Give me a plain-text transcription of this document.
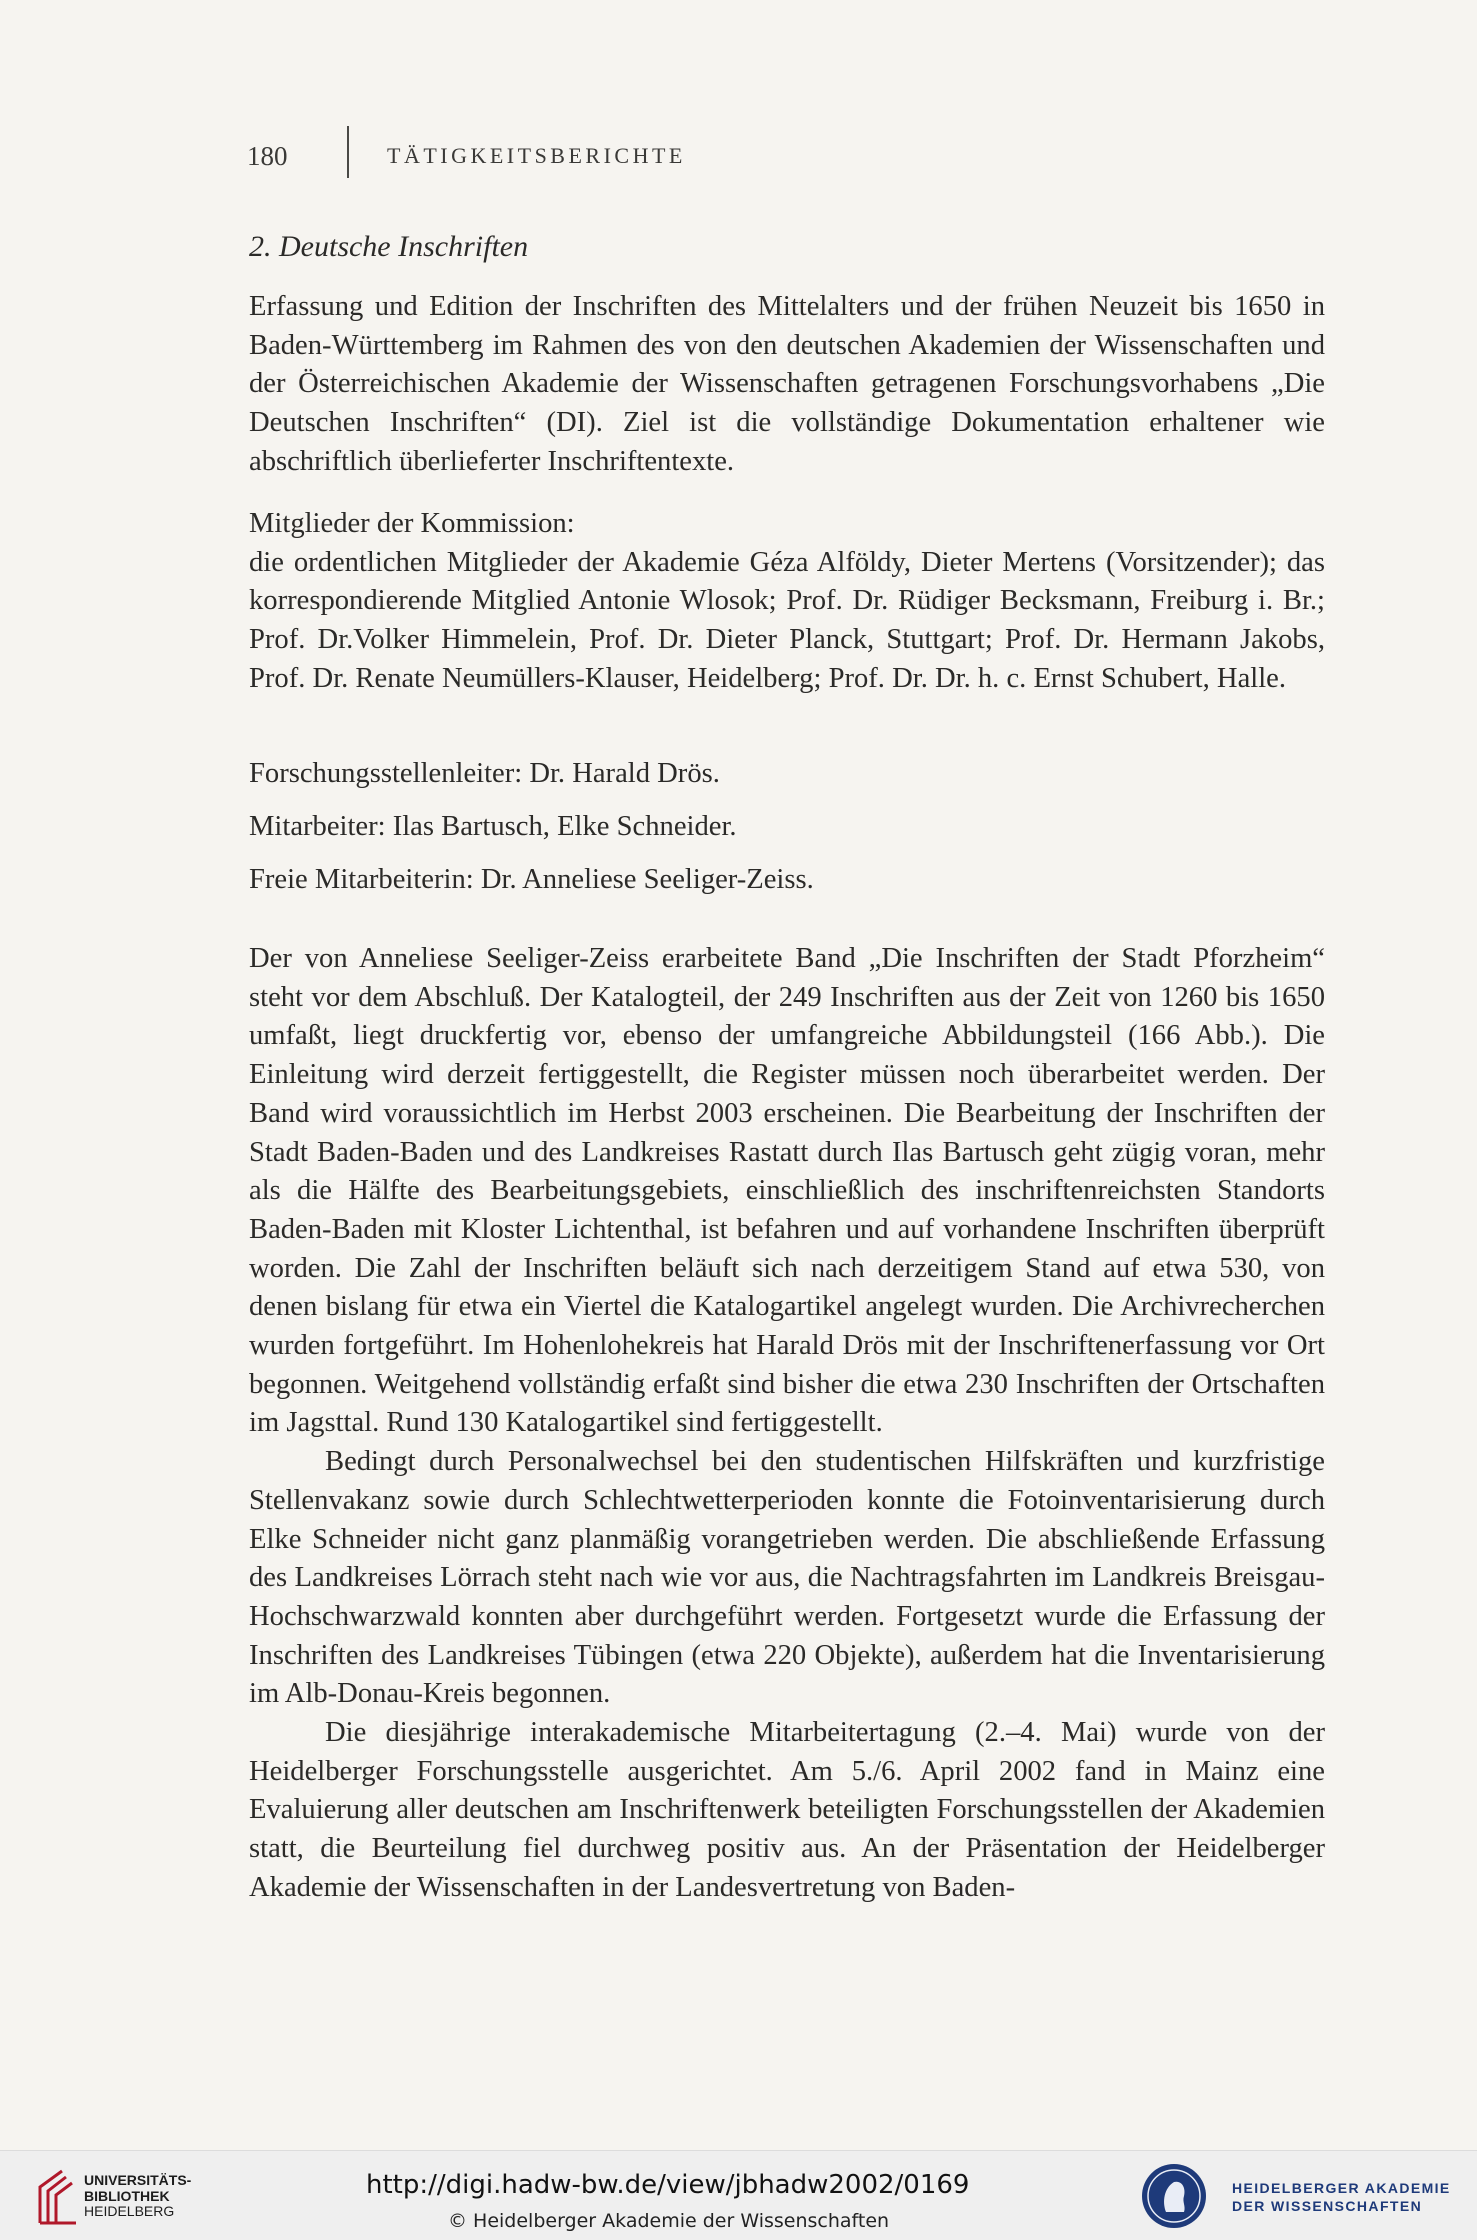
180	TÄTIGKEITSBERICHTE
2. Deutsche Inschriften

Erfassung und Edition der Inschriften des Mittelalters und der frühen Neuzeit bis 1650 in Baden-Württemberg im Rahmen des von den deutschen Akademien der Wissenschaften und der Österreichischen Akademie der Wissenschaften getragenen Forschungsvorhabens „Die Deutschen Inschriften“ (DI). Ziel ist die vollständige Dokumentation erhaltener wie abschriftlich überlieferter Inschriftentexte.

Mitglieder der Kommission:

die ordentlichen Mitglieder der Akademie Géza Alföldy, Dieter Mertens (Vorsitzender); das korrespondierende Mitglied Antonie Wlosok; Prof. Dr. Rüdiger Becksmann, Freiburg i. Br.; Prof. Dr.Volker Himmelein, Prof. Dr. Dieter Planck, Stuttgart; Prof. Dr. Hermann Jakobs, Prof. Dr. Renate Neumüllers-Klauser, Heidelberg; Prof. Dr. Dr. h. c. Ernst Schubert, Halle.

Forschungsstellenleiter: Dr. Harald Drös.

Mitarbeiter: Ilas Bartusch, Elke Schneider.

Freie Mitarbeiterin: Dr. Anneliese Seeliger-Zeiss.

Der von Anneliese Seeliger-Zeiss erarbeitete Band „Die Inschriften der Stadt Pforzheim“ steht vor dem Abschluß. Der Katalogteil, der 249 Inschriften aus der Zeit von 1260 bis 1650 umfaßt, liegt druckfertig vor, ebenso der umfangreiche Abbildungsteil (166 Abb.). Die Einleitung wird derzeit fertiggestellt, die Register müssen noch überarbeitet werden. Der Band wird voraussichtlich im Herbst 2003 erscheinen. Die Bearbeitung der Inschriften der Stadt Baden-Baden und des Landkreises Rastatt durch Ilas Bartusch geht zügig voran, mehr als die Hälfte des Bearbeitungsgebiets, einschließlich des inschriftenreichsten Standorts Baden-Baden mit Kloster Lichtenthal, ist befahren und auf vorhandene Inschriften überprüft worden. Die Zahl der Inschriften beläuft sich nach derzeitigem Stand auf etwa 530, von denen bislang für etwa ein Viertel die Katalogartikel angelegt wurden. Die Archivrecherchen wurden fortgeführt. Im Hohenlohekreis hat Harald Drös mit der Inschriftenerfassung vor Ort begonnen. Weitgehend vollständig erfaßt sind bisher die etwa 230 Inschriften der Ortschaften im Jagsttal. Rund 130 Katalogartikel sind fertiggestellt.

Bedingt durch Personalwechsel bei den studentischen Hilfskräften und kurzfristige Stellenvakanz sowie durch Schlechtwetterperioden konnte die Fotoinventarisierung durch Elke Schneider nicht ganz planmäßig vorangetrieben werden. Die abschließende Erfassung des Landkreises Lörrach steht nach wie vor aus, die Nachtragsfahrten im Landkreis Breisgau-Hochschwarzwald konnten aber durchgeführt werden. Fortgesetzt wurde die Erfassung der Inschriften des Landkreises Tübingen (etwa 220 Objekte), außerdem hat die Inventarisierung im Alb-Donau-Kreis begonnen.

Die diesjährige interakademische Mitarbeitertagung (2.–4. Mai) wurde von der Heidelberger Forschungsstelle ausgerichtet. Am 5./6. April 2002 fand in Mainz eine Evaluierung aller deutschen am Inschriftenwerk beteiligten Forschungsstellen der Akademien statt, die Beurteilung fiel durchweg positiv aus. An der Präsentation der Heidelberger Akademie der Wissenschaften in der Landesvertretung von Baden-

UNIVERSITÄTS-
BIBLIOTHEK
HEIDELBERG
http://digi.hadw-bw.de/view/jbhadw2002/0169
© Heidelberger Akademie der Wissenschaften
HEIDELBERGER AKADEMIE
DER WISSENSCHAFTEN
